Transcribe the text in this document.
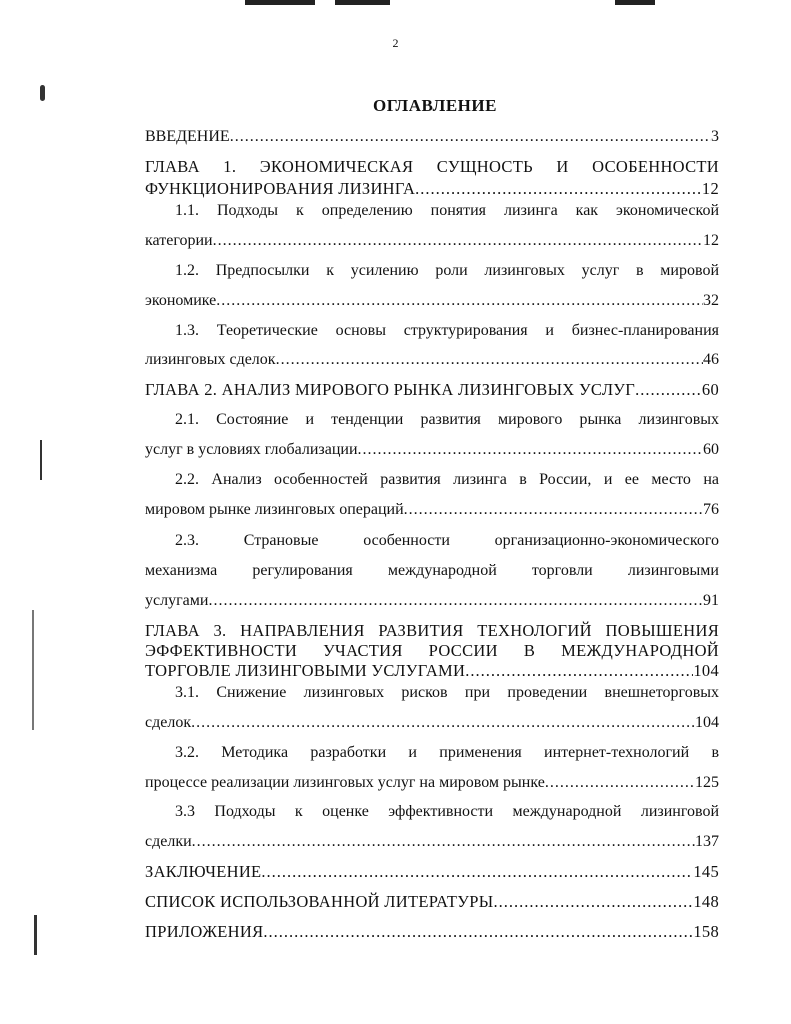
2
ОГЛАВЛЕНИЕ
ВВЕДЕНИЕ .....	3
ГЛАВА 1. ЭКОНОМИЧЕСКАЯ СУЩНОСТЬ И ОСОБЕННОСТИ
ФУНКЦИОНИРОВАНИЯ ЛИЗИНГА .....	12
1.1. Подходы к определению понятия лизинга как экономической
категории .....	12
1.2. Предпосылки к усилению роли лизинговых услуг в мировой
экономике .....	32
1.3. Теоретические основы структурирования и бизнес-планирования
лизинговых сделок .....	46
ГЛАВА 2. АНАЛИЗ МИРОВОГО РЫНКА ЛИЗИНГОВЫХ УСЛУГ .....	60
2.1. Состояние и тенденции развития мирового рынка лизинговых
услуг в условиях глобализации .....	60
2.2. Анализ особенностей развития лизинга в России, и ее место на
мировом рынке лизинговых операций .....	76
2.3. Страновые особенности организационно-экономического
механизма регулирования международной торговли лизинговыми
услугами .....	91
ГЛАВА 3. НАПРАВЛЕНИЯ РАЗВИТИЯ ТЕХНОЛОГИЙ ПОВЫШЕНИЯ
ЭФФЕКТИВНОСТИ УЧАСТИЯ РОССИИ В МЕЖДУНАРОДНОЙ
ТОРГОВЛЕ ЛИЗИНГОВЫМИ УСЛУГАМИ .....	104
3.1. Снижение лизинговых рисков при проведении внешнеторговых
сделок .....	104
3.2. Методика разработки и применения интернет-технологий в
процессе реализации лизинговых услуг на мировом рынке .....	125
3.3 Подходы к оценке эффективности международной лизинговой
сделки .....	137
ЗАКЛЮЧЕНИЕ .....	145
СПИСОК ИСПОЛЬЗОВАННОЙ ЛИТЕРАТУРЫ .....	148
ПРИЛОЖЕНИЯ .....	158
